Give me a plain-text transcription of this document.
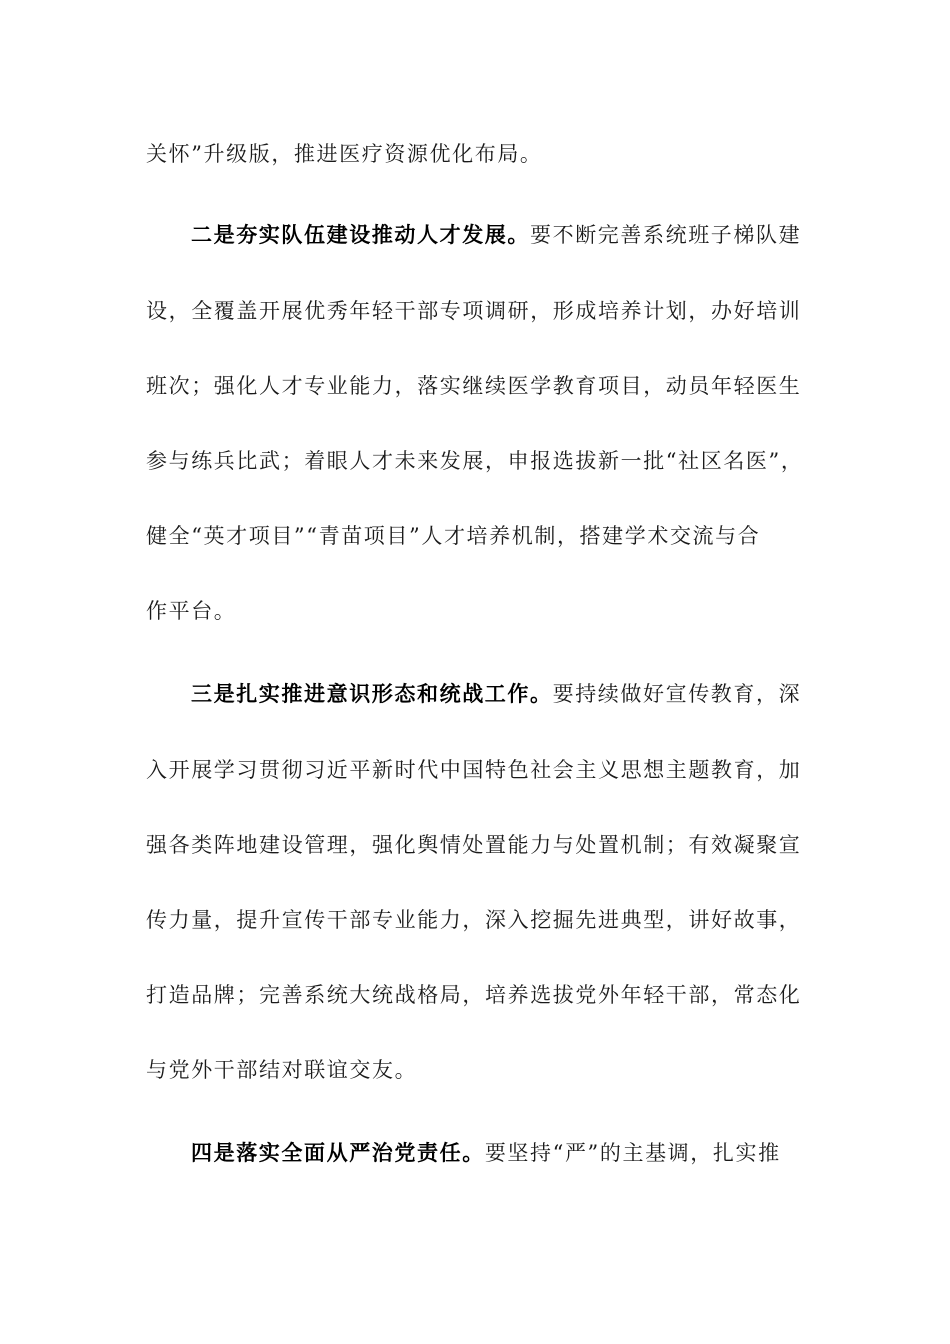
关怀”升级版，推进医疗资源优化布局。
二是夯实队伍建设推动人才发展。要不断完善系统班子梯队建
设，全覆盖开展优秀年轻干部专项调研，形成培养计划，办好培训
班次；强化人才专业能力，落实继续医学教育项目，动员年轻医生
参与练兵比武；着眼人才未来发展，申报选拔新一批“社区名医”，
健全“英才项目”“青苗项目”人才培养机制，搭建学术交流与合
作平台。
三是扎实推进意识形态和统战工作。要持续做好宣传教育，深
入开展学习贯彻习近平新时代中国特色社会主义思想主题教育，加
强各类阵地建设管理，强化舆情处置能力与处置机制；有效凝聚宣
传力量，提升宣传干部专业能力，深入挖掘先进典型，讲好故事，
打造品牌；完善系统大统战格局，培养选拔党外年轻干部，常态化
与党外干部结对联谊交友。
四是落实全面从严治党责任。要坚持“严”的主基调，扎实推
